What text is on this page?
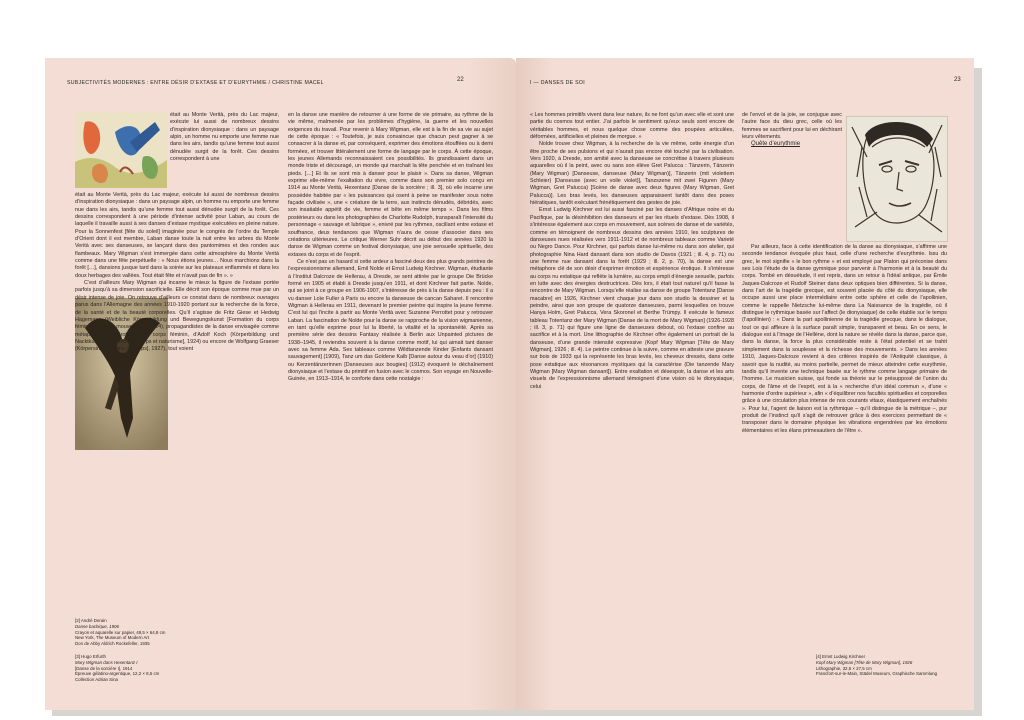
SUBJECTIVITÉS MODERNES : ENTRE DÉSIR D’EXTASE ET D’EURYTHMIE / CHRISTINE MACEL	22

était au Monte Verità, près du Lac majeur, exécute lui aussi de nombreux dessins d’inspiration dionysiaque : dans un paysage alpin, un homme nu emporte une femme nue dans les airs, tandis qu’une femme tout aussi dénudée surgit de la forêt. Ces dessins correspondent à une

était au Monte Verità, près du Lac majeur, exécute lui aussi de nombreux dessins d’inspiration dionysiaque : dans un paysage alpin, un homme nu emporte une femme nue dans les airs, tandis qu’une femme tout aussi dénudée surgit de la forêt. Ces dessins correspondent à une période d’intense activité pour Laban, au cours de laquelle il travaille aussi à ses danses d’extase mystique exécutées en pleine nature. Pour la Sonnenfest [fête du soleil] imaginée pour le congrès de l’ordre du Temple d’Orient dont il est membre, Laban danse toute la nuit entre les arbres du Monte Verità avec ses danseuses, se lançant dans des pantomimes et des rondes aux flambeaux. Mary Wigman s’est immergée dans cette atmosphère du Monte Verità comme dans une fête perpétuelle : « Nous étions jeunes… Nous marchions dans la forêt […], dansions jusque tard dans la soirée sur les plateaux enflammés et dans les doux herbages des vallées. Tout était fête et n’avait pas de fin ». »

C’est d’ailleurs Mary Wigman qui incarne le mieux la figure de l’extase portée parfois jusqu’à sa dimension sacrificielle. Elle décrit son époque comme mue par un désir intense de joie. On retrouve d’ailleurs ce constat dans de nombreux ouvrages parus dans l’Allemagne des années 1910-1920 portant sur la recherche de la force, de la santé et de la beauté corporelles. Qu’il s’agisse de Fritz Giese et Hedwig Hagemann (Weibliche Körperbildung und Bewegungskunst [Formation du corps féminin et art du mouvement], 1924), propagandistes de la danse envisagée comme métaphore de l’érotisme du corps féminin, d’Adolf Koch (Körperbildung und Nacktkultur [Formation du corps et naturisme], 1924) ou encore de Wolfgang Graeser (Körpersinn [Le sens du corps], 1927), tout voient

en la danse une manière de retourner à une forme de vie primaire, au rythme de la vie même, malmenée par les problèmes d’hygiène, la guerre et les nouvelles exigences du travail. Pour revenir à Mary Wigman, elle est à la fin de sa vie au sujet de cette époque : « Toutefois, je suis convaincue que chacun peut gagner à se consacrer à la danse et, par conséquent, exprimer des émotions étouffées ou à demi formées, et trouver littéralement une forme de langage par le corps. À cette époque, les jeunes Allemands reconnaissaient ces possibilités. Ils grandissaient dans un monde triste et découragé, un monde qui marchait la tête penchée et en traînant les pieds. […] Et ils se sont mis à danser pour le plaisir ». Dans sa danse, Wigman exprime elle-même l’exaltation du vivre, comme dans son premier solo conçu en 1914 au Monte Verità, Hexentanz [Danse de la sorcière ; ill. 3], où elle incarne une possédée habitée par « les puissances qui osent à peine se manifester sous notre façade civilisée », une « créature de la terre, aux instincts dénudés, débridés, avec son insatiable appétit de vie, femme et bête en même temps ». Dans les films postérieurs ou dans les photographies de Charlotte Rudolph, transparaît l’intensité du personnage « sauvage et lubrique », enivré par les rythmes, oscillant entre extase et souffrance, deux tendances que Wigman n’aura de cesse d’associer dans ses créations ultérieures. Le critique Werner Suhr décrit au début des années 1920 la danse de Wigman comme un festival dionysiaque, une joie sensuelle spirituelle, des extases du corps et de l’esprit.

Ce n’est pas un hasard si cette ardeur a fasciné deux des plus grands peintres de l’expressionnisme allemand, Emil Nolde et Ernst Ludwig Kirchner. Wigman, étudiante à l’Institut Dalcroze de Hellerau, à Dresde, se sent attirée par le groupe Die Brücke formé en 1905 et établi à Dresde jusqu’en 1911, et dont Kirchner fait partie. Nolde, qui se joint à ce groupe en 1906-1907, s’intéresse de près à la danse depuis peu : il a vu danser Loïe Fuller à Paris ou encore la danseuse de cancan Saharet. Il rencontre Wigman à Hellerau en 1911, devenant le premier peintre qui inspire la jeune femme. C’est lui qui l’incite à partir au Monte Verità avec Suzanne Perrottet pour y retrouver Laban. La fascination de Nolde pour la danse se rapproche de la vision wigmanienne, en tant qu’elle exprime pour lui la liberté, la vitalité et la spontanéité. Après sa première série des dessins Fantasy réalisée à Berlin aux Unpainted pictures de 1938–1945, il reviendra souvent à la danse comme motif, lui qui aimait tant danser avec sa femme Ada. Ses tableaux comme Wildtanzende Kinder [Enfants dansant sauvagement] (1909), Tanz um das Goldene Kalb [Danse autour du veau d’or] (1910) ou Kerzentänzerinnen [Danseuses aux bougies] (1912) évoquent le déchaînement dionysiaque et l’extase du primitif en fusion avec le cosmos. Son voyage en Nouvelle-Guinée, en 1913–1914, le conforte dans cette nostalgie :

[2] André Derain
Danse bachique, 1906
Crayon et aquarelle sur papier, 49,5 × 64,8 cm
New York, The Museum of Modern Art
Don de Abby Aldrich Rockefeller, 1935
[3] Hugo Erfurth
Mary Wigman dans Hexentanz I
[Danse de la sorcière I], 1914
Épreuve gélatino-argentique, 12,2 × 8,5 cm
Collection Adrian Sina
I — DANSES DE SOI	23

« Les hommes primitifs vivent dans leur nature, ils ne font qu’un avec elle et sont une partie du cosmos tout entier. J’ai parfois le sentiment qu’eux seuls sont encore de véritables hommes, et nous quelque chose comme des poupées articulées, déformées, artificielles et pleines de morgue. »

Nolde trouve chez Wigman, à la recherche de la vie même, cette énergie d’un être proche de ses pulsions et qui n’aurait pas encore été touché par la civilisation. Vers 1920, à Dresde, son amitié avec la danseuse se concrétise à travers plusieurs aquarelles où il la peint, avec ou sans son élève Gret Palucca : Tänzerin, Tänzerin (Mary Wigman) [Danseuse, danseuse (Mary Wigman)], Tänzerin (mit violettem Schleier) [Danseuse (avec un voile violet)], Tanzszene mit zwei Figuren (Mary Wigman, Gret Palucca) [Scène de danse avec deux figures (Mary Wigman, Gret Palucca)]. Les bras levés, les danseuses apparaissent tantôt dans des poses hiératiques, tantôt exécutant frénétiquement des gestes de joie.

Ernst Ludwig Kirchner est lui aussi fasciné par les danses d’Afrique noire et du Pacifique, par la désinhibition des danseurs et par les rituels d’extase. Dès 1908, il s’intéresse également aux corps en mouvement, aux scènes de danse et de variétés, comme en témoignent de nombreux dessins des années 1910, les sculptures de danseuses nues réalisées vers 1911-1912 et de nombreux tableaux comme Varieté ou Negro Dance. Pour Kirchner, qui parfois danse lui-même nu dans son atelier, qui photographie Nina Hard dansant dans son studio de Davos (1921 ; ill. 4, p. 71) ou une femme nue dansant dans la forêt (1929 ; ill. 2, p. 70), la danse est une métaphore clé de son désir d’exprimer émotion et expérience érotique. Il s’intéresse au corps nu extatique qui reflète la lumière, au corps empli d’énergie sexuelle, parfois en lutte avec des énergies destructrices. Dès lors, il était tout naturel qu’il fasse la rencontre de Mary Wigman. Lorsqu’elle réalise sa danse de groupe Totentanz [Danse macabre] en 1926, Kirchner vient chaque jour dans son studio la dessiner et la peindre, ainsi que son groupe de quatorze danseuses, parmi lesquelles on trouve Hanya Holm, Gret Palucca, Vera Skoronel et Berthe Trümpy. Il exécute le fameux tableau Totentanz der Mary Wigman [Danse de la mort de Mary Wigman] (1926-1928 ; ill. 3, p. 71) qui figure une ligne de danseuses debout, où l’extase confine au sacrifice et à la mort. Une lithographie de Kirchner offre également un portrait de la danseuse, d’une grande intensité expressive (Kopf Mary Wigman [Tête de Mary Wigman], 1926 ; ill. 4). Le peintre continue à la suivre, comme en atteste une gravure sur bois de 1933 qui la représente les bras levés, les cheveux dressés, dans cette pose extatique aux résonances mystiques qui la caractérise (Die tanzende Mary Wigman [Mary Wigman dansant]). Entre exaltation et désespoir, la danse et les arts visuels de l’expressionnisme allemand témoignent d’une vision où le dionysiaque, celui

de l’envol et de la joie, se conjugue avec l’autre face du dieu grec, celle où les femmes se sacrifient pour lui en déchirant leurs vêtements.

Quête d’eurythmie

Par ailleurs, face à cette identification de la danse au dionysiaque, s’affirme une seconde tendance évoquée plus haut, celle d’une recherche d’eurythmie. Issu du grec, le mot signifie « le bon rythme » et est employé par Platon qui préconise dans ses Lois l’étude de la danse gymnique pour parvenir à l’harmonie et à la beauté du corps. Tombé en désuétude, il est repris, dans un retour à l’idéal antique, par Émile Jaques-Dalcroze et Rudolf Steiner dans deux optiques bien différentes. Si la danse, dans l’art de la tragédie grecque, est souvent placée du côté du dionysiaque, elle occupe aussi une place intermédiaire entre cette sphère et celle de l’apollinien, comme le rappelle Nietzsche lui-même dans La Naissance de la tragédie, où il distingue le rythmique basée sur l’affect (le dionysiaque) de celle établie sur le temps (l’apollinien) : « Dans la part apollinienne de la tragédie grecque, dans le dialogue, tout ce qui affleure à la surface paraît simple, transparent et beau. En ce sens, le dialogue est à l’image de l’Hellène, dont la nature se révèle dans la danse, parce que, dans la danse, la force la plus considérable reste à l’état potentiel et se trahit simplement dans la souplesse et la richesse des mouvements. » Dans les années 1910, Jaques-Dalcroze revient à des critères inspirés de l’Antiquité classique, à savoir que la nudité, au moins partielle, permet de mieux atteindre cette eurythmie, tandis qu’il invente une technique basée sur le rythme comme langage primaire de l’homme. Le musicien suisse, qui fonde sa théorie sur le présupposé de l’union du corps, de l’âme et de l’esprit, est à la « recherche d’un idéal commun », d’une « harmonie d’ordre supérieur », afin « d’équilibrer nos facultés spirituelles et corporelles grâce à une circulation plus intense de nos courants vitaux, élastiquement enchaînés ». Pour lui, l’agent de liaison est la rythmique – qu’il distingue de la métrique –, pur produit de l’instinct qu’il s’agit de retrouver grâce à des exercices permettant de « transposer dans le domaine physique les vibrations engendrées par les émotions élémentaires et les élans primesautiers de l’être ».

[4] Ernst Ludwig Kirchner
Kopf Mary Wigman [Tête de Mary Wigman], 1926
Lithographie, 32,5 × 27,5 cm
Francfort-sur-le-Main, Städel Museum, Graphische Sammlung
